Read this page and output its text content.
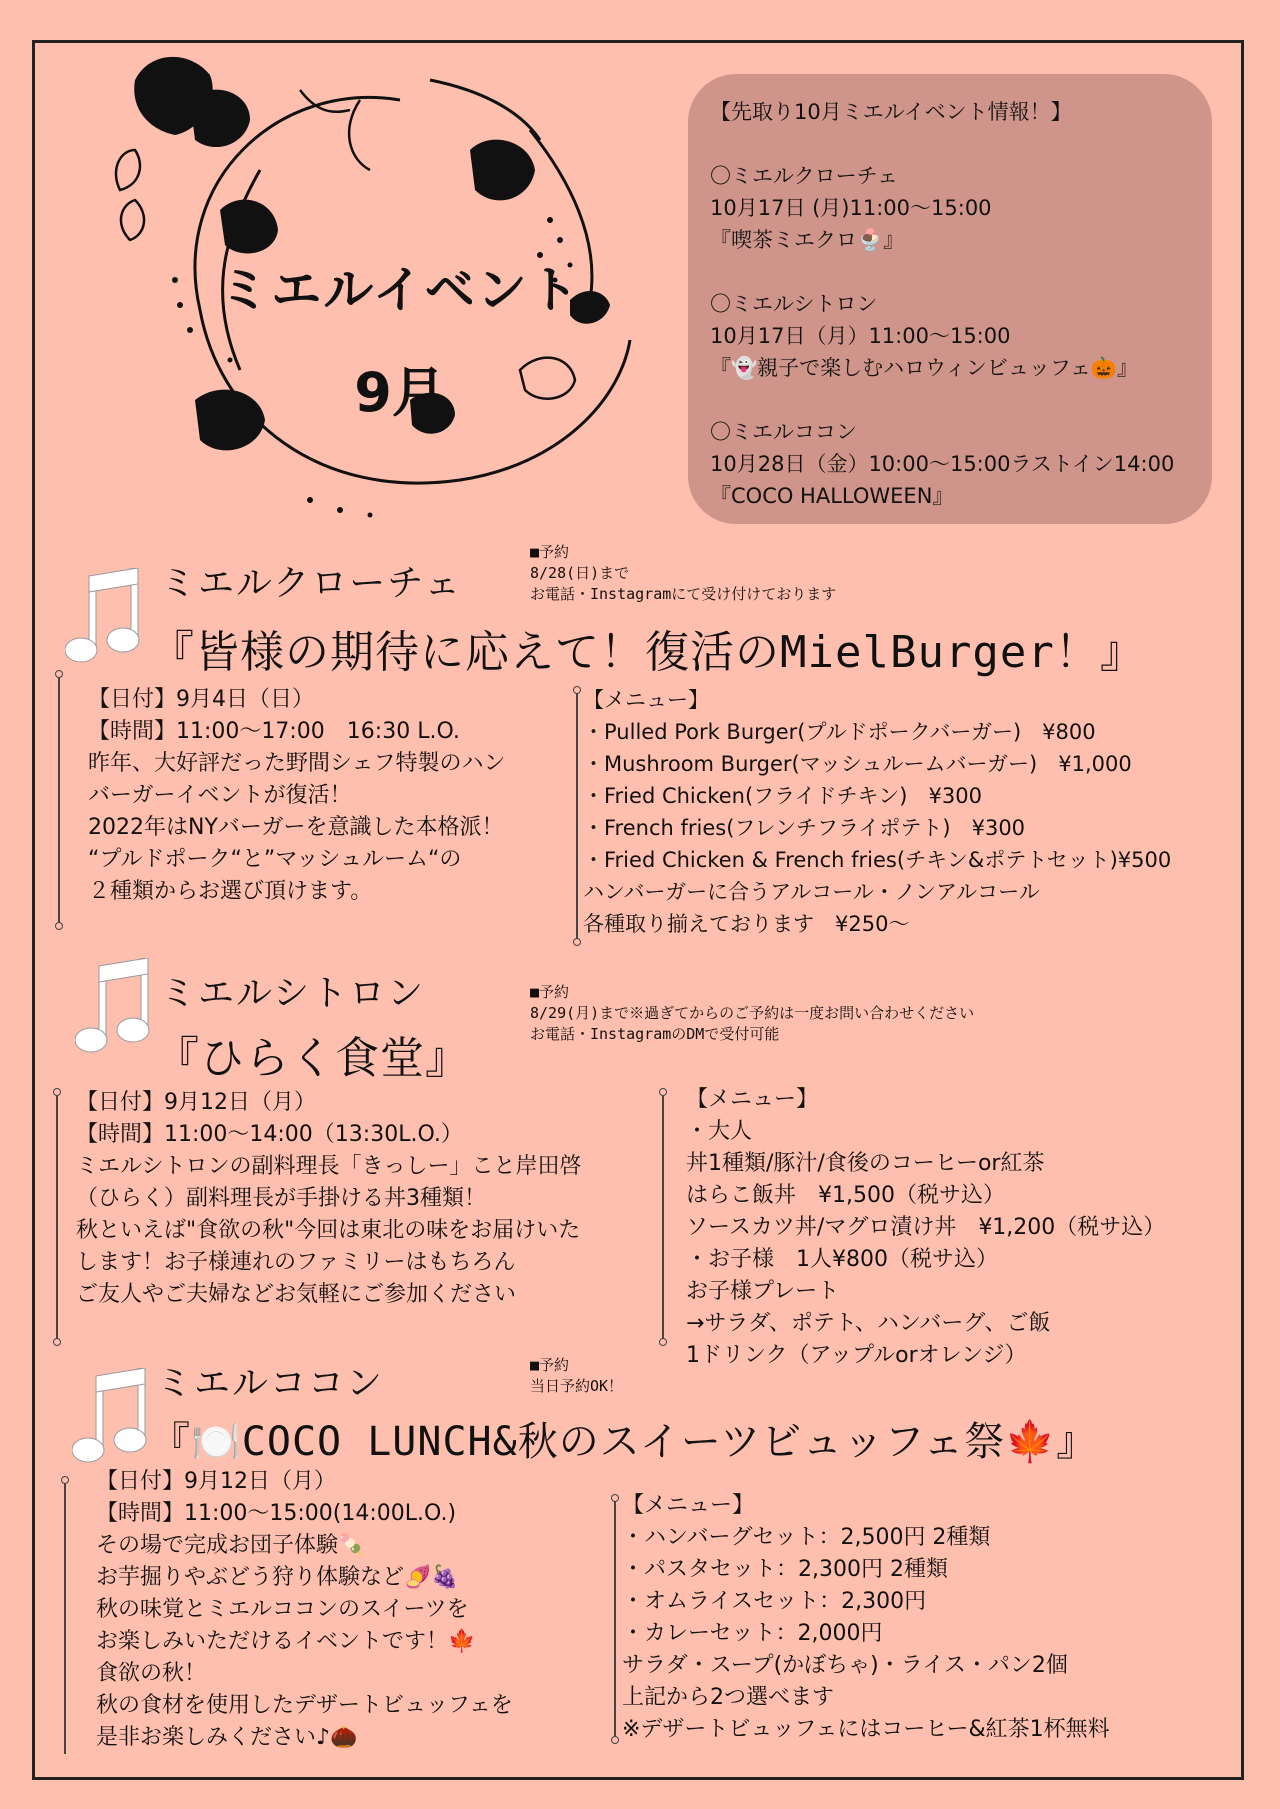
ミエルイベント
9月
【先取り10月ミエルイベント情報！】
〇ミエルクローチェ
10月17日 (月)11:00～15:00
『喫茶ミエクロ🍨』
〇ミエルシトロン
10月17日（月）11:00～15:00
『👻親子で楽しむハロウィンビュッフェ🎃』
〇ミエルココン
10月28日（金）10:00～15:00ラストイン14:00
『COCO HALLOWEEN』
ミエルクローチェ
■予約
8/28(日)まで
お電話・Instagramにて受け付けております
『皆様の期待に応えて！復活のMielBurger！』
【日付】9月4日（日）
【時間】11:00～17:00　16:30 L.O.
昨年、大好評だった野間シェフ特製のハン
バーガーイベントが復活！
2022年はNYバーガーを意識した本格派！
“プルドポーク“と”マッシュルーム“の
２種類からお選び頂けます。
【メニュー】
・Pulled Pork Burger(プルドポークバーガー)　¥800
・Mushroom Burger(マッシュルームバーガー)　¥1,000
・Fried Chicken(フライドチキン)　¥300
・French fries(フレンチフライポテト)　¥300
・Fried Chicken & French fries(チキン&ポテトセット)¥500
ハンバーガーに合うアルコール・ノンアルコール
各種取り揃えております　¥250～
ミエルシトロン	■予約
8/29(月)まで※過ぎてからのご予約は一度お問い合わせください
お電話・InstagramのDMで受付可能
『ひらく食堂』
【日付】9月12日（月）
【時間】11:00～14:00（13:30L.O.）
ミエルシトロンの副料理長「きっしー」こと岸田啓
（ひらく）副料理長が手掛ける丼3種類！
秋といえば"食欲の秋"今回は東北の味をお届けいた
します！お子様連れのファミリーはもちろん
ご友人やご夫婦などお気軽にご参加ください
【メニュー】
・大人
丼1種類/豚汁/食後のコーヒーor紅茶
はらこ飯丼　¥1,500（税サ込）
ソースカツ丼/マグロ漬け丼　¥1,200（税サ込）
・お子様　1人¥800（税サ込）
お子様プレート
→サラダ、ポテト、ハンバーグ、ご飯
1ドリンク（アップルorオレンジ）
ミエルココン	■予約
当日予約OK！
『🍽️COCO LUNCH&秋のスイーツビュッフェ祭🍁』
【日付】9月12日（月）
【時間】11:00～15:00(14:00L.O.)
その場で完成お団子体験🍡
お芋掘りやぶどう狩り体験など🍠🍇
秋の味覚とミエルココンのスイーツを
お楽しみいただけるイベントです！🍁
食欲の秋！
秋の食材を使用したデザートビュッフェを
是非お楽しみください♪🌰
【メニュー】
・ハンバーグセット：2,500円 2種類
・パスタセット：2,300円 2種類
・オムライスセット：2,300円
・カレーセット：2,000円
サラダ・スープ(かぼちゃ)・ライス・パン2個
上記から2つ選べます
※デザートビュッフェにはコーヒー&紅茶1杯無料
